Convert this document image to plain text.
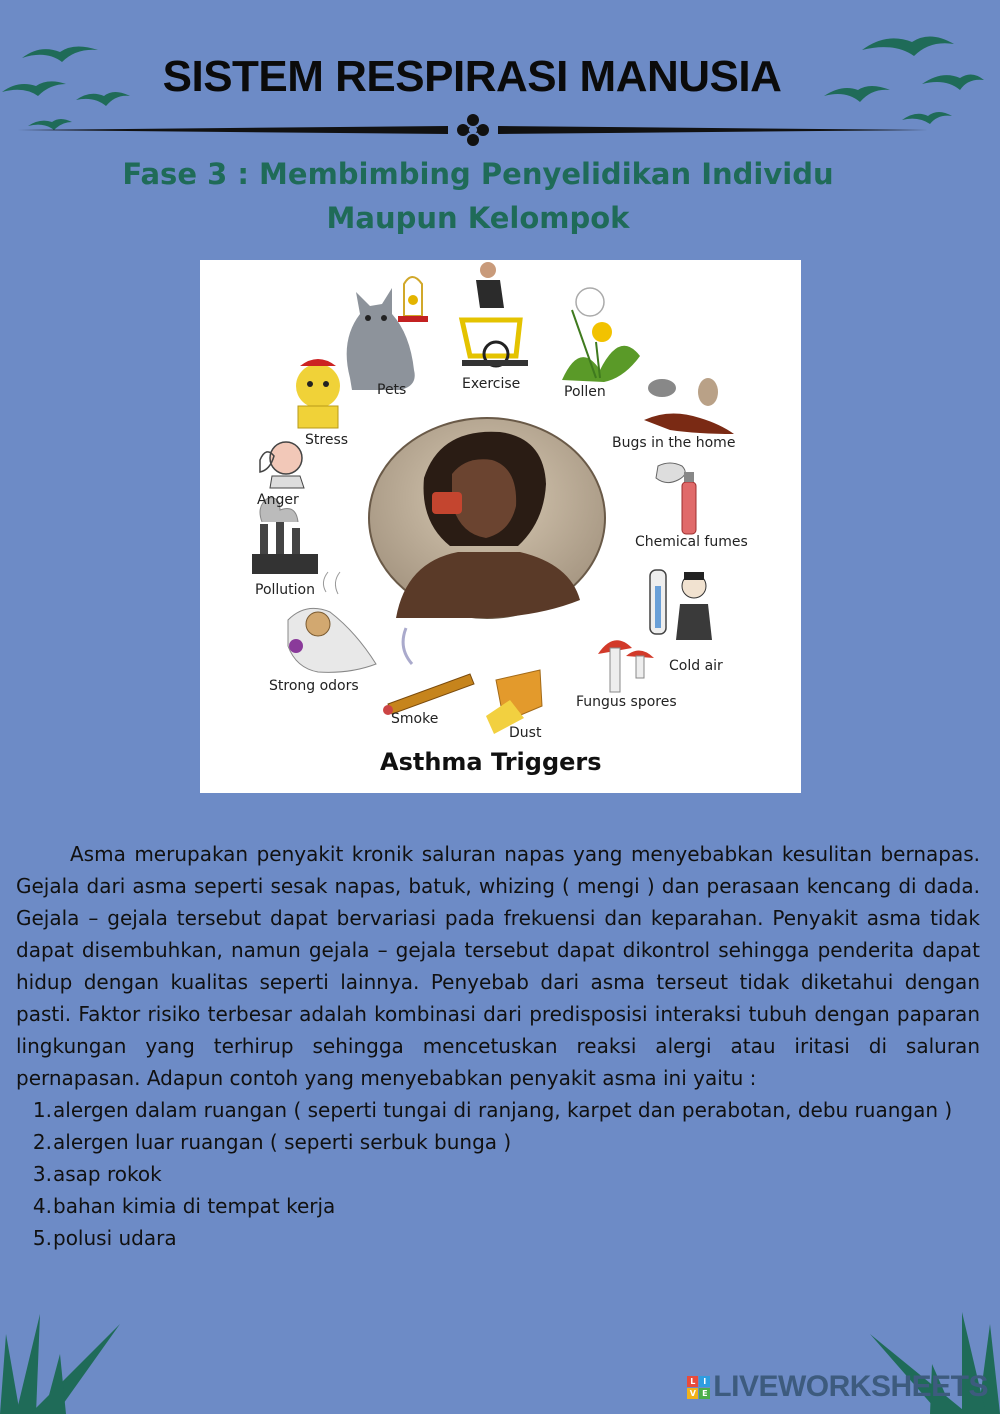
SISTEM RESPIRASI MANUSIA
Fase 3 : Membimbing Penyelidikan Individu
Maupun Kelompok
Pets	Exercise	Pollen
Stress	Bugs in the home
Anger
Chemical fumes
Pollution
Cold air
Strong odors
Fungus spores
Smoke
Dust
Asthma Triggers

Asma merupakan penyakit kronik saluran napas yang menyebabkan kesulitan bernapas. Gejala dari asma seperti sesak napas, batuk, whizing ( mengi ) dan perasaan kencang di dada. Gejala – gejala tersebut dapat bervariasi pada frekuensi dan keparahan. Penyakit asma tidak dapat disembuhkan, namun gejala – gejala tersebut dapat dikontrol sehingga penderita dapat hidup dengan kualitas seperti lainnya. Penyebab dari asma terseut tidak diketahui dengan pasti. Faktor risiko terbesar adalah kombinasi dari predisposisi interaksi tubuh dengan paparan lingkungan yang terhirup sehingga mencetuskan reaksi alergi atau iritasi di saluran pernapasan. Adapun contoh yang menyebabkan penyakit asma ini yaitu :

1. alergen dalam ruangan ( seperti tungai di ranjang, karpet dan perabotan, debu ruangan )
2. alergen luar ruangan ( seperti serbuk bunga )
3. asap rokok
4. bahan kimia di tempat kerja
5. polusi udara
L I
V E LIVEWORKSHEETS
